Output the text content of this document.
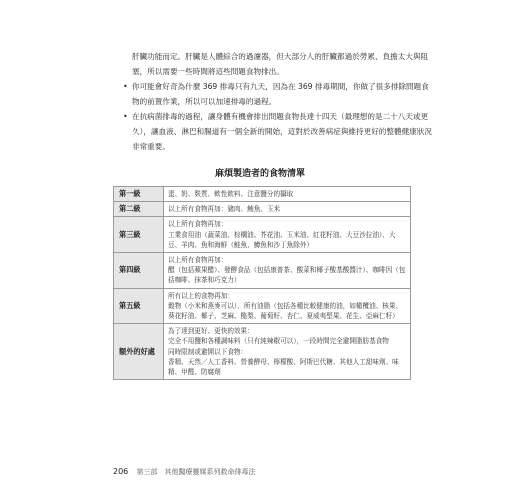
肝臟功能而定。肝臟是人體綜合的過濾器，但大部分人的肝臟都過於勞累、負擔太大與阻塞，所以需要一些時間將這些問題食物排出。

• 你可能會好奇為什麼 369 排毒只有九天，因為在 369 排毒期間，你做了很多排除問題食物的前置作業，所以可以加速排毒的過程。
• 在抗病菌排毒的過程，讓身體有機會排出問題食物長達十四天（最理想的是二十八天或更久），讓血液、淋巴和腸道有一個全新的開始，這對於改善病症與維持更好的整體健康狀況非常重要。
麻煩製造者的食物清單
第一級	蛋、奶、麩質、軟性飲料、注意鹽分的攝取
第二級	以上所有食物再加：豬肉、鮪魚、玉米
第三級	以上所有食物再加：
工業食用油（蔬菜油、棕櫚油、芥花油、玉米油、紅花籽油、大豆沙拉油）、大豆、羊肉、魚和海鮮（鮭魚、鱒魚和沙丁魚除外）
第四級	以上所有食物再加：
醋（包括蘋果醋）、發酵食品（包括康普茶、酸菜和椰子酸基酸醬汁）、咖啡因（包括咖啡、抹茶和巧克力）
第五級	所有以上的食物再加：
穀物（小米和燕麥可以）、所有油脂（包括各種比較健康的油，如橄欖油、核果、葵花籽油、椰子、芝麻、酪梨、葡萄籽、杏仁、夏威夷堅果、花生、亞麻仁籽）
額外的好處	為了達到更好、更快的效果：
完全不用鹽和各種調味料（只有純辣椒可以），一段時間完全避開脂肪基食物
同時限制或避開以下食物：
香精、天然／人工香料、營養酵母、檸檬酸、阿斯巴代糖、其他人工甜味劑、味精、甲醛、防腐劑
206 第三部　其他醫療靈媒系列救命排毒法
